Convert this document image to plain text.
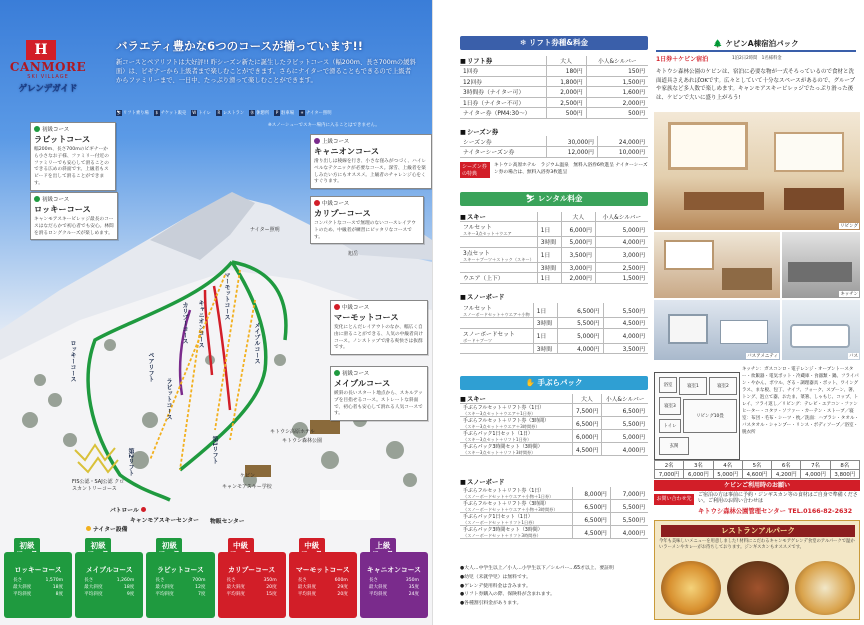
H
CANMORE
SKI VILLAGE
ゲレンデガイド
バラエティ豊かな6つのコースが揃っています!!
新コースとペアリフトは大好評!! 昨シーズン新たに誕生したラビットコース（幅200m、長さ700mの緩斜面）は、ビギナーから上級者まで楽しむことができます。さらにナイターで滑ることもできるので上級者からファミリーまで、一日中、たっぷり滑って楽しむことができます。
⛷ リフト乗り場	$ チケット販売 W トイレ	R レストラン 休 休憩所	P 駐車場	☀ ナイター照明
※スノーシューでスキー場内に入ることはできません。
初級コース
ラビットコース
幅200m、長さ700mのビギナーから小さなお子様、ファミリー付近のファミリーでも安心して滑ることのできる広めの斜面です。上級者もスピードを出して滑ることができます。
上級コース
キャニオンコース
滑り出しは稜線を行き、小さな窪みがつづく、ハイレベルなテクニックが必要なコース。深雪、上級者を楽しみたい方にもオススメ。上級者のチャレンジ心をくすぐります。
初級コース
ロッキーコース
キャンモアスキービレッジ最長のコースはなだらかで初心者でも安心。林間を滑るロングクルーズが楽しめます。
中級コース
カリプーコース
コンパクトなコースで無理のないコースレイアウトのため、中級者が練習にピッタリなコースです。
中級コース
マーモットコース
変化にとんだレイアウトのなか、幅広く自由に滑ることができる、人気の中級者向けコース。ノンストップで滑る爽快さは抜群です。
初級コース
メイプルコース
緩斜の長いスタート地点から、スキルアップを目指せるコース。ストレートな斜面で、初心者も安心して滑れる人気コースです。
ナイター照明
旭岳
キトウシ高原ホテル
キトウシ森林公園
ケビン
キャンモアスキー学校
FIS公認・SAJ公認 クロスカントリーコース
ロッキーコース	ペアリフト
ラビットコース
カリプーコース
マーモットコース
キャニオンコース	メイプルコース
第2リフト	第1リフト
パトロール
キャンモアスキーセンター 物販センター
ナイター設備
初級

ロッキーコース
長さ	1,570m
最大斜度	18度
平均斜度	8度
初級

メイプルコース
長さ	1,260m
最大斜度	18度
平均斜度	9度
初級

ラビットコース
長さ	700m
最大斜度	12度
平均斜度	7度
中級

カリプーコース
長さ	350m
最大斜度	20度
平均斜度	15度
中級

マーモットコース
長さ	600m
最大斜度	29度
平均斜度	20度
上級

キャニオンコース
長さ	350m
最大斜度	35度
平均斜度	24度
❄ リフト券種&料金
■ リフト券
		大人	小人&シルバー
1回券	180円	150円
12回券	1,800円	1,500円
3時間券（ナイター可）	2,000円	1,600円
1日券（ナイター不可）	2,500円	2,000円
ナイター券（PM4:30〜）	500円	500円
■ シーズン券
シーズン券	30,000円	24,000円
ナイターシーズン券	12,000円	10,000円
シーズン券の特典
キトウシ高原ホテル　ラジウム温泉　無料入浴券6枚進呈 ナイターシーズン券の場合は、無料入浴券3枚進呈
⛷ レンタル料金
■ スキー
			大人	小人&シルバー
フルセット
スキー3点セット＋ウエア	1日	6,000円	5,000円
	3時間	5,000円	4,000円
3点セット
スキー＋ブーツ＋ストック（スキー）	1日	3,500円	3,000円
	3時間	3,000円	2,500円
ウエア（上下）	1日	2,000円	1,500円
■ スノーボード
フルセット
スノーボードセット＋ウエア＋小物	1日	6,500円	5,500円
	3時間	5,500円	4,500円
スノーボードセット
ボード＋ブーツ	1日	5,000円	4,000円
	3時間	4,000円	3,500円
✋ 手ぶらパック
■ スキー
		大人	小人&シルバー
手ぶらフルセット＋リフト券（1日）
（スキー3点セット＋ウエア＋1日券）	7,500円	6,500円
手ぶらフルセット＋リフト券（3時間）
（スキー3点セット＋ウエア＋3時間券）	6,500円	5,500円
手ぶらパック1日セット（1日）
（スキー3点セット＋リフト1日券）	6,000円	5,000円
手ぶらパック3時間セット（3時間）
（スキー3点セット＋リフト3時間券）	4,500円	4,000円
■ スノーボード
手ぶらフルセット＋リフト券（1日）
（スノーボードセット＋ウエア＋小物＋1日券）	8,000円	7,000円
手ぶらフルセット＋リフト券（3時間）
（スノーボードセット＋ウエア＋小物＋3時間券）	6,500円	5,500円
手ぶらパック1日セット（1日）
（スノーボードセット＋リフト1日券）	6,500円	5,500円
手ぶらパック3時間セット（3時間）
（スノーボードセット＋リフト3時間券）	4,500円	4,000円
●大人…中学生以上／小人…小学生以下／シルバー…65才以上、要証明
●幼児（未就学児）は無料です。
●ゲレンデ使用料金は含みます。
●リフト券購入の際、保険料が含まれます。
●各種割引料金があります。
🌲 ケビンA棟宿泊パック
1日券＋ケビン宿泊	1泊2日2時間　1名様料金
キトウシ森林公園のケビンは、宿泊に必要な物が一式そろっているので食材と洗面道具さえあればOKです。広々としていて十分なスペースがあるので、グループや家族など多人数で楽しめます。キャンモアスキービレッジでたっぷり滑った後は、ケビンで大いに盛り上がろう!
リビング
キッチン
バスアメニティ	バス
浴室	寝室1	寝室2
寝室3
リビング10畳
トイレ
玄関
キッチン：ガスコンロ・電子レンジ・オーブントースター・炊飯器・電気ポット・冷蔵庫・食器類・鍋、フライパン・やかん、ボウル、ざる・調理器具・ポット、ワイングラス、まな板、包丁、ナイフ、フォーク、スプーン、箸、トング、泡立て器、おたま、菜箸、しゃもじ、コップ、トレイ、フライ返し／リビング：テレビ・エアコン・ファンヒーター・コタツ・ソファー・カーテン・ストーブ／寝室：布団・毛布・シーツ・枕／洗面：ハブラシ・タオル・バスタオル・シャンプー・リンス・ボディソープ／浴室・脱衣所
2名	3名	4名	5名	6名	7名	8名
7,000円	6,000円	5,000円	4,600円	4,200円	4,000円	3,800円
ケビンご利用時のお願い
お問い合わせ先
ご宿泊の方は事前に予約・ジンギスカン等の食材はご自身で準備ください。ご利用のお問い合わせは
キトウシ森林公園管理センター TEL.0166-82-2632
レストランアルパーク
今年も美味しいメニューを用意しました! 材料にこだわるキャンモアゲレンデ食堂のアルパークで温かいラーメンやカレーがお待ちしております。ジンギスカンもオススメです。
